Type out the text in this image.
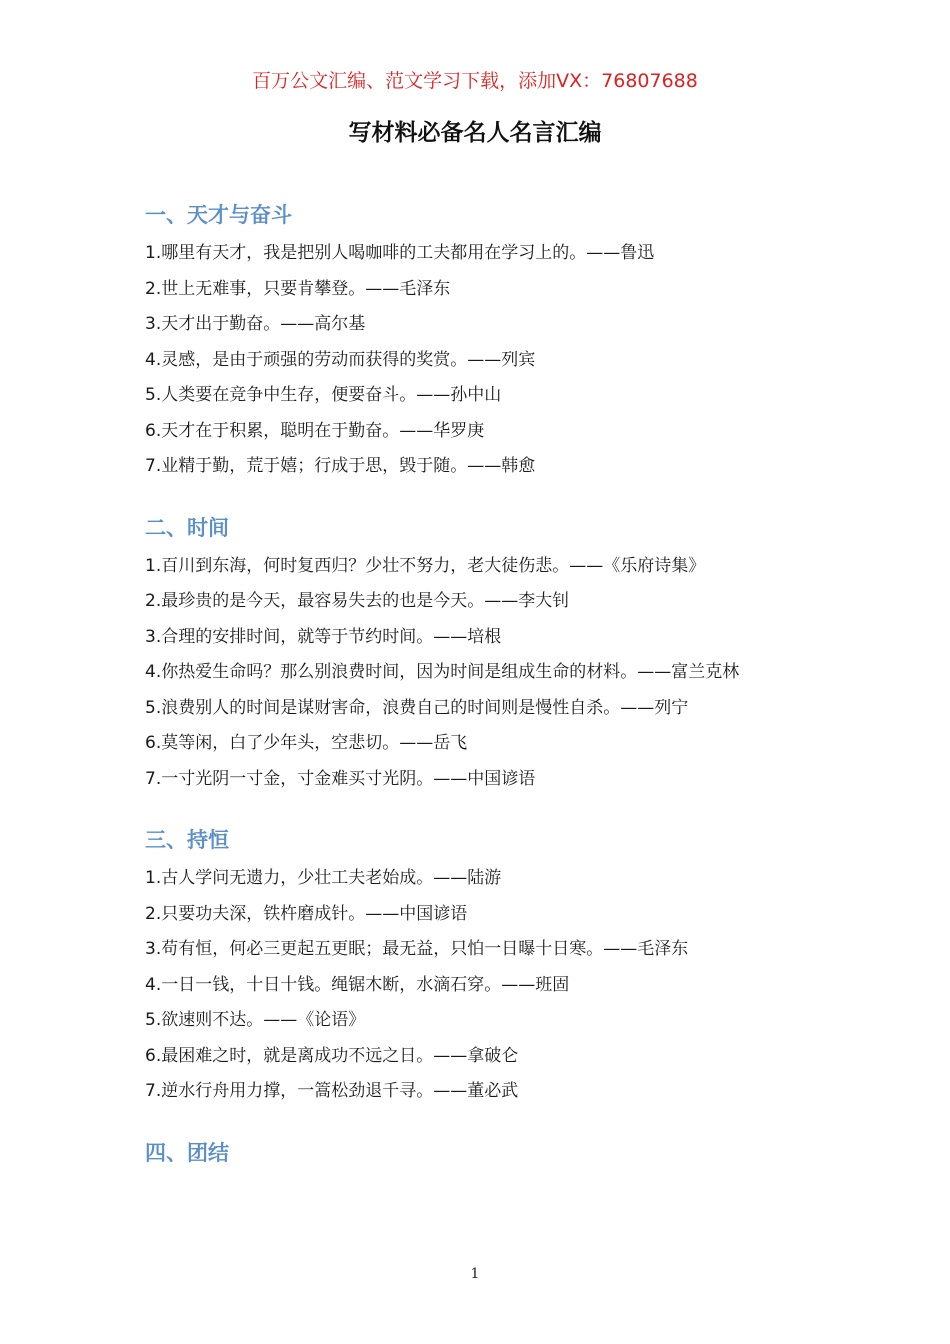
百万公文汇编、范文学习下载，添加VX：76807688
写材料必备名人名言汇编
一、天才与奋斗

1.哪里有天才，我是把别人喝咖啡的工夫都用在学习上的。——鲁迅

2.世上无难事，只要肯攀登。——毛泽东

3.天才出于勤奋。——高尔基

4.灵感，是由于顽强的劳动而获得的奖赏。——列宾

5.人类要在竞争中生存，便要奋斗。——孙中山

6.天才在于积累，聪明在于勤奋。——华罗庚

7.业精于勤，荒于嬉；行成于思，毁于随。——韩愈

二、时间

1.百川到东海，何时复西归？少壮不努力，老大徒伤悲。——《乐府诗集》

2.最珍贵的是今天，最容易失去的也是今天。——李大钊

3.合理的安排时间，就等于节约时间。——培根

4.你热爱生命吗？那么别浪费时间，因为时间是组成生命的材料。——富兰克林

5.浪费别人的时间是谋财害命，浪费自己的时间则是慢性自杀。——列宁

6.莫等闲，白了少年头，空悲切。——岳飞

7.一寸光阴一寸金，寸金难买寸光阴。——中国谚语

三、持恒

1.古人学问无遗力，少壮工夫老始成。——陆游

2.只要功夫深，铁杵磨成针。——中国谚语

3.苟有恒，何必三更起五更眠；最无益，只怕一日曝十日寒。——毛泽东

4.一日一钱，十日十钱。绳锯木断，水滴石穿。——班固

5.欲速则不达。——《论语》

6.最困难之时，就是离成功不远之日。——拿破仑

7.逆水行舟用力撑，一篙松劲退千寻。——董必武

四、团结
1
